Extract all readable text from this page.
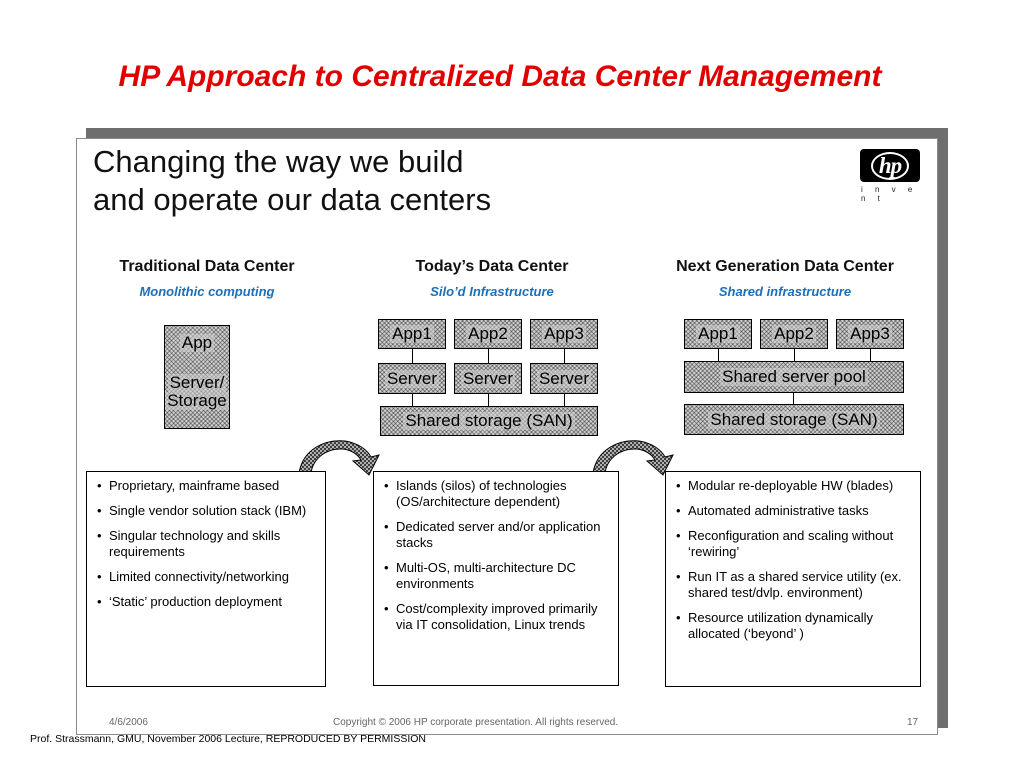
HP Approach to Centralized Data Center Management
Changing the way we build
and operate our data centers
hp
i n v e n t
Traditional Data Center
Monolithic computing
Today’s Data Center
Silo’d Infrastructure
Next Generation Data Center
Shared infrastructure
App
Server/
Storage
App1 App2 App3
Server Server Server
Shared storage (SAN)
App1 App2 App3
Shared server pool
Shared storage (SAN)
• Proprietary, mainframe based
• Single vendor solution stack (IBM)
• Singular technology and skills requirements
• Limited connectivity/networking
• ‘Static’ production deployment
• Islands (silos) of technologies (OS/architecture dependent)
• Dedicated server and/or application stacks
• Multi-OS, multi-architecture DC environments
• Cost/complexity improved primarily via IT consolidation, Linux trends
• Modular re-deployable HW (blades)
• Automated administrative tasks
• Reconfiguration and scaling without ‘rewiring’
• Run IT as a shared service utility (ex. shared test/dvlp. environment)
• Resource utilization dynamically allocated (‘beyond’ )
4/6/2006	Copyright © 2006 HP corporate presentation. All rights reserved.	17
Prof. Strassmann, GMU, November 2006 Lecture, REPRODUCED BY PERMISSION
